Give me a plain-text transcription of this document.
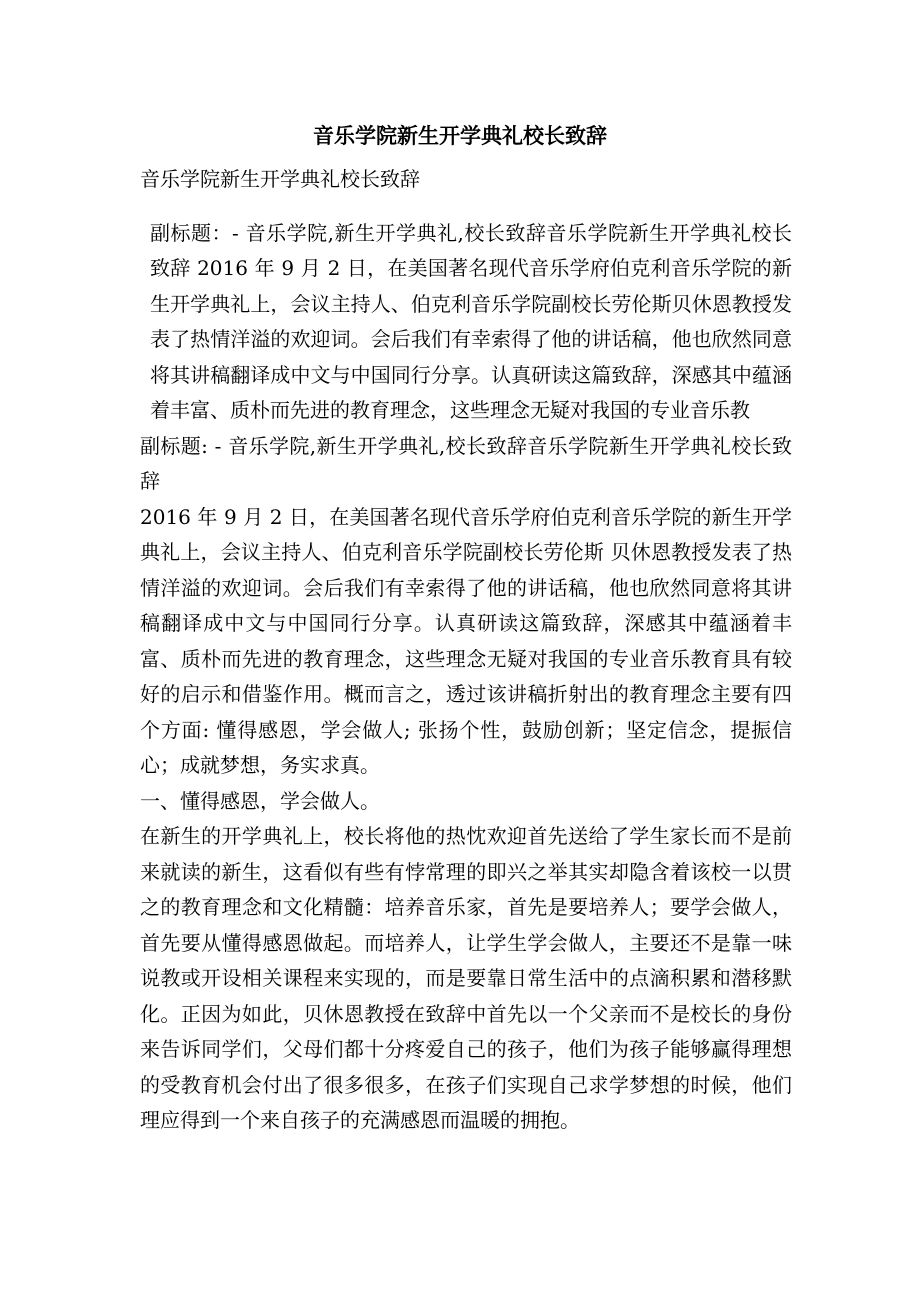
音乐学院新生开学典礼校长致辞

音乐学院新生开学典礼校长致辞

副标题：- 音乐学院,新生开学典礼,校长致辞音乐学院新生开学典礼校长致辞 2016 年 9 月 2 日，在美国著名现代音乐学府伯克利音乐学院的新生开学典礼上，会议主持人、伯克利音乐学院副校长劳伦斯贝休恩教授发表了热情洋溢的欢迎词。会后我们有幸索得了他的讲话稿，他也欣然同意将其讲稿翻译成中文与中国同行分享。认真研读这篇致辞，深感其中蕴涵着丰富、质朴而先进的教育理念，这些理念无疑对我国的专业音乐教

副标题: - 音乐学院,新生开学典礼,校长致辞音乐学院新生开学典礼校长致辞

2016 年 9 月 2 日，在美国著名现代音乐学府伯克利音乐学院的新生开学典礼上，会议主持人、伯克利音乐学院副校长劳伦斯 贝休恩教授发表了热情洋溢的欢迎词。会后我们有幸索得了他的讲话稿，他也欣然同意将其讲稿翻译成中文与中国同行分享。认真研读这篇致辞，深感其中蕴涵着丰富、质朴而先进的教育理念，这些理念无疑对我国的专业音乐教育具有较好的启示和借鉴作用。概而言之，透过该讲稿折射出的教育理念主要有四个方面: 懂得感恩，学会做人; 张扬个性，鼓励创新；坚定信念，提振信心；成就梦想，务实求真。

一、懂得感恩，学会做人。

在新生的开学典礼上，校长将他的热忱欢迎首先送给了学生家长而不是前来就读的新生，这看似有些有悖常理的即兴之举其实却隐含着该校一以贯之的教育理念和文化精髓：培养音乐家，首先是要培养人；要学会做人，首先要从懂得感恩做起。而培养人，让学生学会做人，主要还不是靠一味说教或开设相关课程来实现的，而是要靠日常生活中的点滴积累和潜移默化。正因为如此，贝休恩教授在致辞中首先以一个父亲而不是校长的身份来告诉同学们，父母们都十分疼爱自己的孩子，他们为孩子能够赢得理想的受教育机会付出了很多很多，在孩子们实现自己求学梦想的时候，他们理应得到一个来自孩子的充满感恩而温暖的拥抱。
